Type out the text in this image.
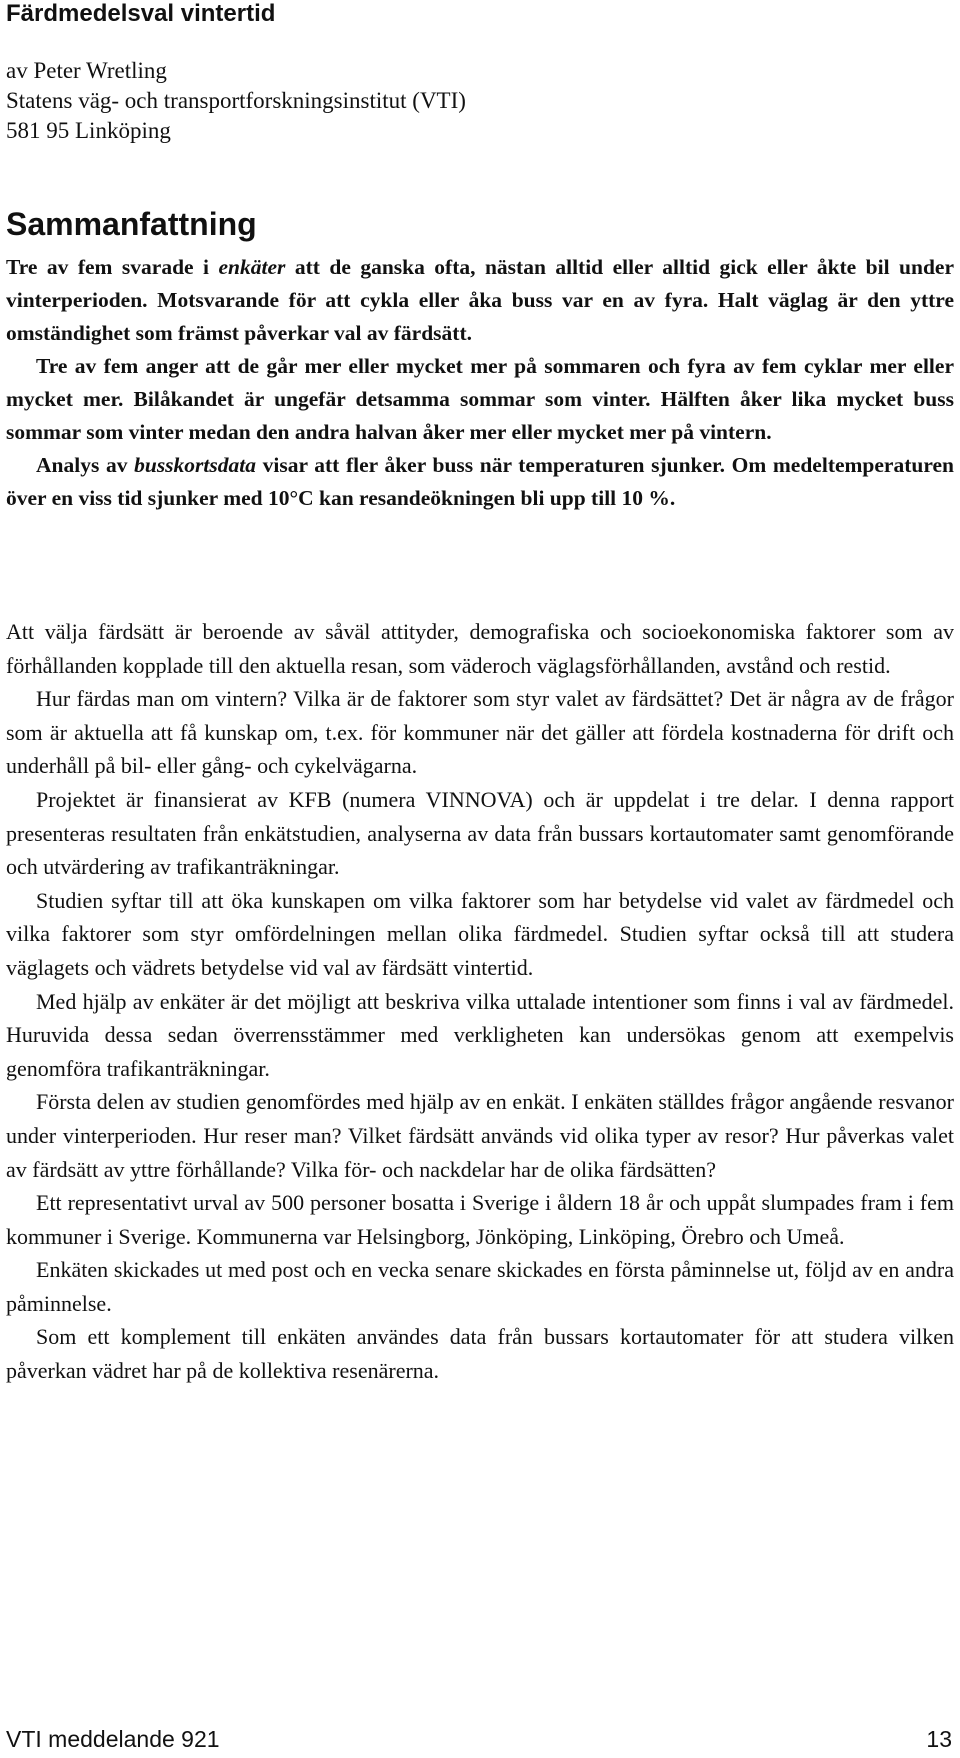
Färdmedelsval vintertid
av Peter Wretling
Statens väg- och transportforskningsinstitut (VTI)
581 95 Linköping
Sammanfattning

Tre av fem svarade i enkäter att de ganska ofta, nästan alltid eller alltid gick eller åkte bil under vinterperioden. Motsvarande för att cykla eller åka buss var en av fyra. Halt väglag är den yttre omständighet som främst påverkar val av färdsätt.

Tre av fem anger att de går mer eller mycket mer på sommaren och fyra av fem cyklar mer eller mycket mer. Bilåkandet är ungefär detsamma sommar som vinter. Hälften åker lika mycket buss sommar som vinter medan den andra halvan åker mer eller mycket mer på vintern.

Analys av busskortsdata visar att fler åker buss när temperaturen sjunker. Om medeltemperaturen över en viss tid sjunker med 10°C kan resandeökningen bli upp till 10 %.

Att välja färdsätt är beroende av såväl attityder, demografiska och socioekonomiska faktorer som av förhållanden kopplade till den aktuella resan, som väderoch väglagsförhållanden, avstånd och restid.

Hur färdas man om vintern? Vilka är de faktorer som styr valet av färdsättet? Det är några av de frågor som är aktuella att få kunskap om, t.ex. för kommuner när det gäller att fördela kostnaderna för drift och underhåll på bil- eller gång- och cykelvägarna.

Projektet är finansierat av KFB (numera VINNOVA) och är uppdelat i tre delar. I denna rapport presenteras resultaten från enkätstudien, analyserna av data från bussars kortautomater samt genomförande och utvärdering av trafikanträkningar.

Studien syftar till att öka kunskapen om vilka faktorer som har betydelse vid valet av färdmedel och vilka faktorer som styr omfördelningen mellan olika färdmedel. Studien syftar också till att studera väglagets och vädrets betydelse vid val av färdsätt vintertid.

Med hjälp av enkäter är det möjligt att beskriva vilka uttalade intentioner som finns i val av färdmedel. Huruvida dessa sedan överrensstämmer med verkligheten kan undersökas genom att exempelvis genomföra trafikanträkningar.

Första delen av studien genomfördes med hjälp av en enkät. I enkäten ställdes frågor angående resvanor under vinterperioden. Hur reser man? Vilket färdsätt används vid olika typer av resor? Hur påverkas valet av färdsätt av yttre förhållande? Vilka för- och nackdelar har de olika färdsätten?

Ett representativt urval av 500 personer bosatta i Sverige i åldern 18 år och uppåt slumpades fram i fem kommuner i Sverige. Kommunerna var Helsingborg, Jönköping, Linköping, Örebro och Umeå.

Enkäten skickades ut med post och en vecka senare skickades en första påminnelse ut, följd av en andra påminnelse.

Som ett komplement till enkäten användes data från bussars kortautomater för att studera vilken påverkan vädret har på de kollektiva resenärerna.

VTI meddelande 921	13
